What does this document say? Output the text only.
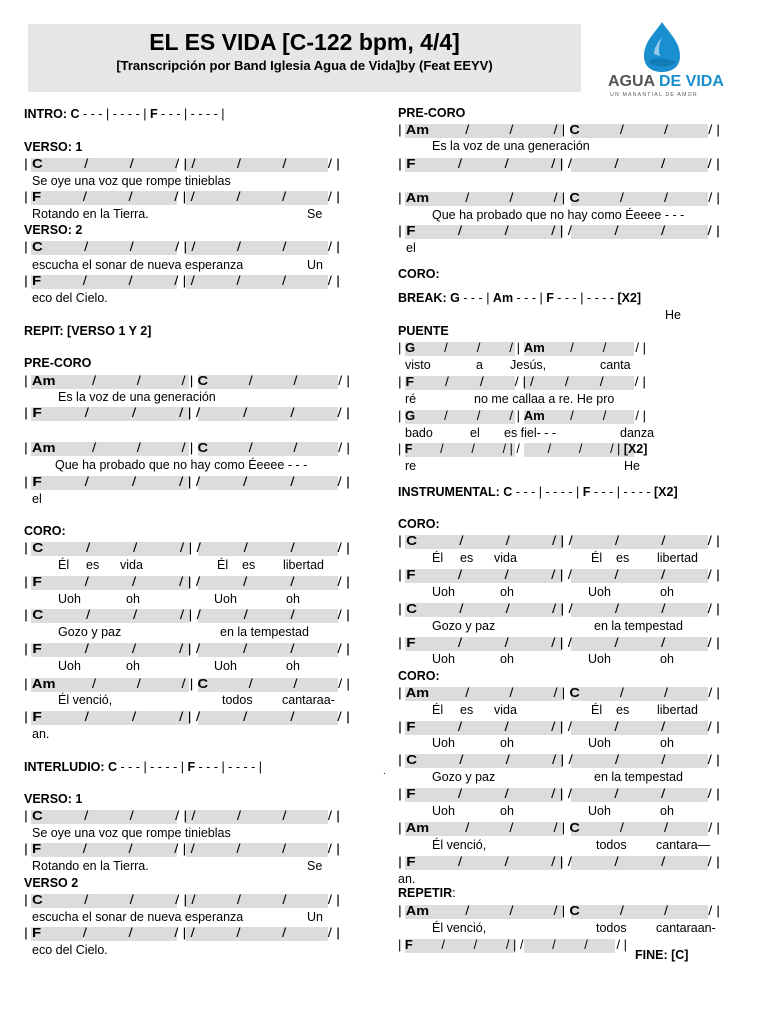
EL ES VIDA [C-122 bpm, 4/4]
[Transcripción por Band Iglesia Agua de Vida]by (Feat EEYV)
AGUA DE VIDA
UN MANANTIAL DE AMOR
INTRO: C - - - | - - - - | F - - - | - - - - |
VERSO: 1
| C          /          /          / | /          /          /          / |
Se oye una voz que rompe tinieblas
| F          /          /          / | /          /          /          / |
Rotando en la Tierra.	Se
VERSO: 2
| C          /          /          / | /          /          /          / |
escucha el sonar de nueva esperanza	Un
| F          /          /          / | /          /          /          / |
eco del Cielo.
REPIT: [VERSO 1 Y 2]
PRE-CORO
| Am         /          /          / | C          /          /          / |
Es la voz de una generación
| F          /          /          / | /          /          /          / |
| Am         /          /          / | C          /          /          / |
Que ha probado que no hay como Éeeee - - -
| F          /          /          / | /          /          /          / |
el
CORO:
| C          /          /          / | /          /          /          / |
Él es vida	Él es libertad
| F          /          /          / | /          /          /          / |
Uoh	oh	Uoh	oh
| C          /          /          / | /          /          /          / |
Gozo y paz	en la tempestad
| F          /          /          / | /          /          /          / |
Uoh	oh	Uoh	oh
| Am         /          /          / | C          /          /          / |
Él venció,	todos cantaraa-
| F          /          /          / | /          /          /          / |
an.
INTERLUDIO: C - - - | - - - - | F - - - | - - - - |
VERSO: 1
| C          /          /          / | /          /          /          / |
Se oye una voz que rompe tinieblas
| F          /          /          / | /          /          /          / |
Rotando en la Tierra.	Se
VERSO 2
| C          /          /          / | /          /          /          / |
escucha el sonar de nueva esperanza	Un
| F          /          /          / | /          /          /          / |
eco del Cielo.
PRE-CORO
| Am         /          /          / | C          /          /          / |
Es la voz de una generación
| F          /          /          / | /          /          /          / |
| Am         /          /          / | C          /          /          / |
Que ha probado que no hay como Éeeee - - -
| F          /          /          / | /          /          /          / |
el
CORO:
BREAK: G - - - | Am - - - | F - - - | - - - - [X2]
He
PUENTE
| G        /        /        / | Am       /        /        / |
visto	a Jesús,	canta
| F        /        /        / | /        /        /        / |
ré	no me callaa a re. He pro
| G        /        /        / | Am       /        /        / |
bado	el es fiel- - -	danza
| F        /        /        / | /        /        /        / | [X2]
re	He
INSTRUMENTAL: C - - - | - - - - | F - - - | - - - - [X2]
CORO:
| C          /          /          / | /          /          /          / |
Él es vida	Él es libertad
| F          /          /          / | /          /          /          / |
Uoh	oh	Uoh	oh
| C          /          /          / | /          /          /          / |
Gozo y paz	en la tempestad
| F          /          /          / | /          /          /          / |
Uoh	oh	Uoh	oh
CORO:
| Am         /          /          / | C          /          /          / |
Él es vida	Él es libertad
| F          /          /          / | /          /          /          / |
Uoh	oh	Uoh	oh
| C          /          /          / | /          /          /          / |
Gozo y paz	en la tempestad
| F          /          /          / | /          /          /          / |
Uoh	oh	Uoh	oh
| Am         /          /          / | C          /          /          / |
Él venció,	todos cantara—
| F          /          /          / | /          /          /          / |
an.
REPETIR:
| Am         /          /          / | C          /          /          / |
Él venció,	todos cantaraan-
| F        /        /        / | /        /        /        / |
FINE: [C]
.
